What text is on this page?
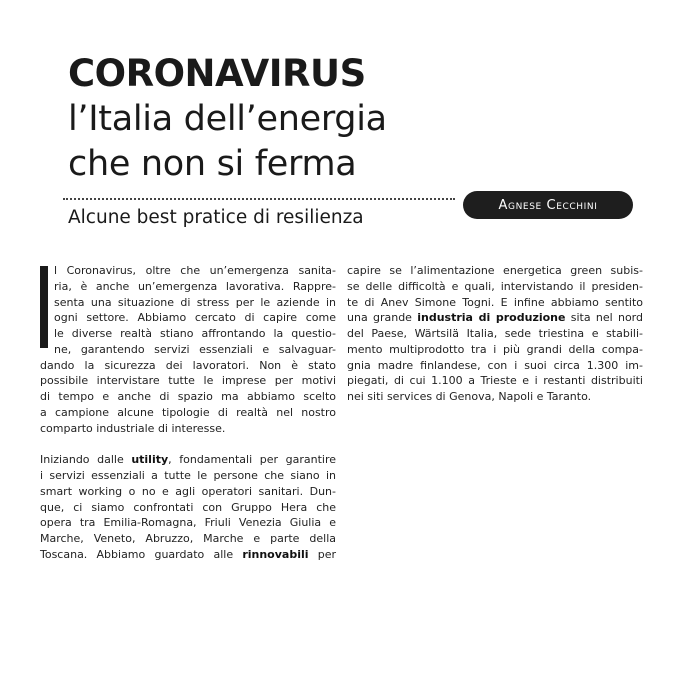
CORONAVIRUS
l’Italia dell’energia
che non si ferma
Agnese Cecchini

Alcune best pratice di resilienza

l Coronavirus, oltre che un’emergenza sanita-
ria, è anche un’emergenza lavorativa. Rappre-
senta una situazione di stress per le aziende in
ogni settore. Abbiamo cercato di capire come
le diverse realtà stiano affrontando la questio-
ne, garantendo servizi essenziali e salvaguar-
dando la sicurezza dei lavoratori. Non è stato
possibile intervistare tutte le imprese per motivi
di tempo e anche di spazio ma abbiamo scelto
a campione alcune tipologie di realtà nel nostro
comparto industriale di interesse.
Iniziando dalle utility, fondamentali per garantire
i servizi essenziali a tutte le persone che siano in
smart working o no e agli operatori sanitari. Dun-
que, ci siamo confrontati con Gruppo Hera che
opera tra Emilia-Romagna, Friuli Venezia Giulia e
Marche, Veneto, Abruzzo, Marche e parte della
Toscana. Abbiamo guardato alle rinnovabili per
capire se l’alimentazione energetica green subis-
se delle difficoltà e quali, intervistando il presiden-
te di Anev Simone Togni. E infine abbiamo sentito
una grande industria di produzione sita nel nord
del Paese, Wärtsilä Italia, sede triestina e stabili-
mento multiprodotto tra i più grandi della compa-
gnia madre finlandese, con i suoi circa 1.300 im-
piegati, di cui 1.100 a Trieste e i restanti distribuiti
nei siti services di Genova, Napoli e Taranto.
